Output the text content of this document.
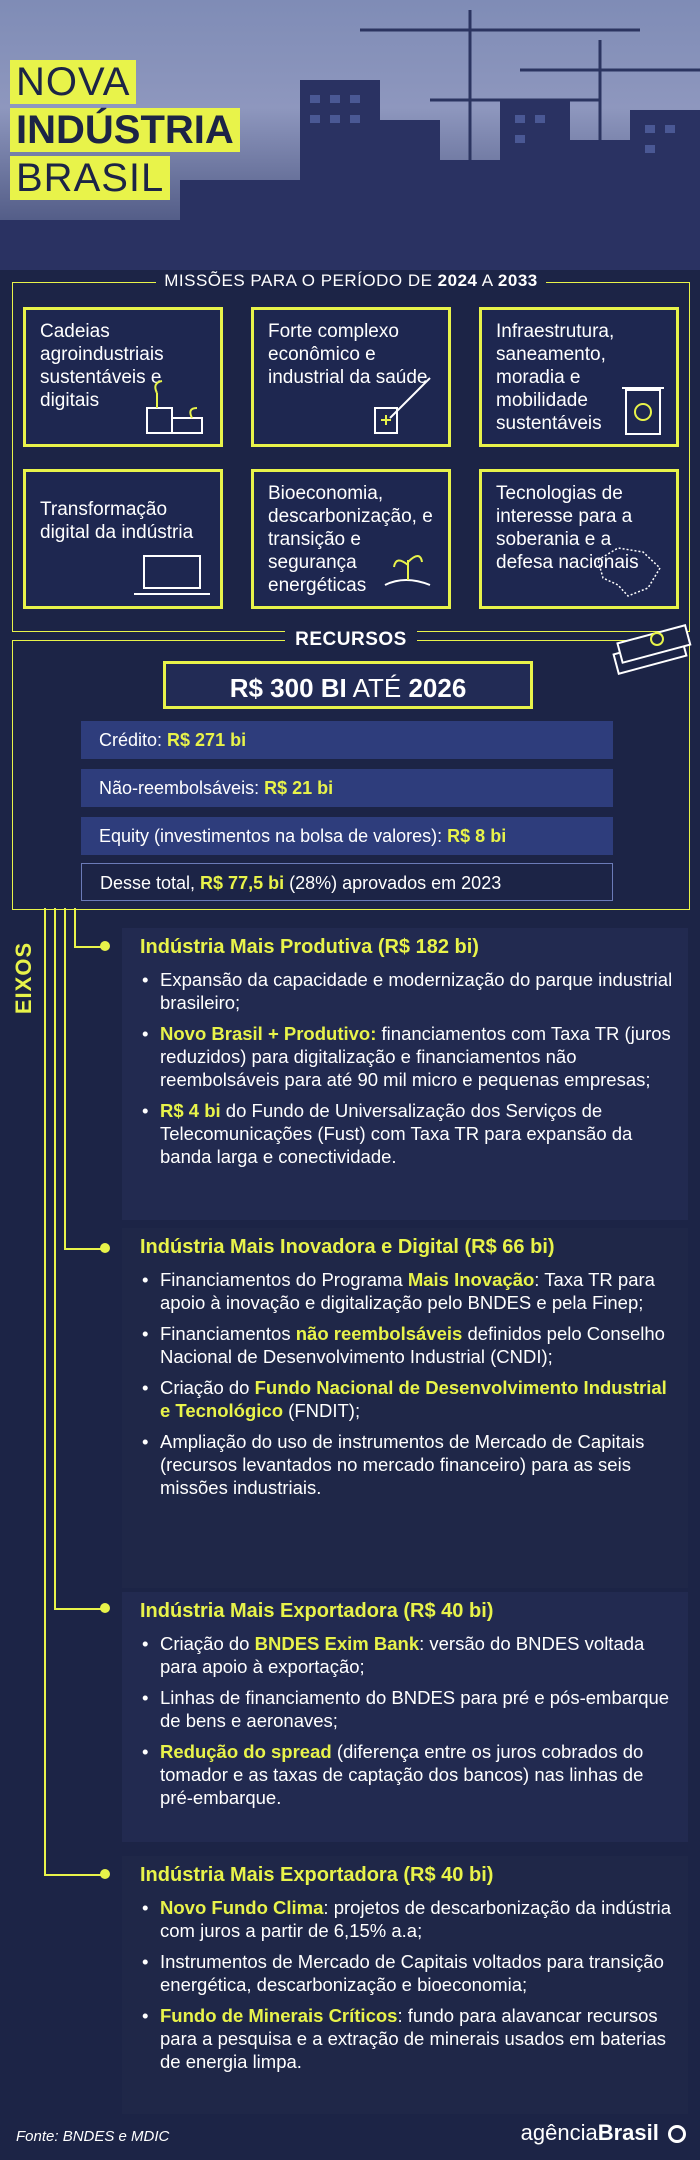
NOVA
INDÚSTRIA
BRASIL
MISSÕES PARA O PERÍODO DE 2024 A 2033
Cadeias agroindustriais sustentáveis e digitais
Forte complexo econômico e industrial da saúde
Infraestrutura, saneamento, moradia e mobilidade sustentáveis
Transformação digital da indústria
Bioeconomia, descarbonização, e transição e segurança energéticas
Tecnologias de interesse para a soberania e a defesa nacionais
RECURSOS
R$ 300 BI ATÉ 2026
Crédito: R$ 271 bi
Não-reembolsáveis: R$ 21 bi
Equity (investimentos na bolsa de valores): R$ 8 bi
Desse total, R$ 77,5 bi (28%) aprovados em 2023
EIXOS	Indústria Mais Produtiva (R$ 182 bi)
• Expansão da capacidade e modernização do parque industrial brasileiro;
• Novo Brasil + Produtivo: financiamentos com Taxa TR (juros reduzidos) para digitalização e financiamentos não reembolsáveis para até 90 mil micro e pequenas empresas;
• R$ 4 bi do Fundo de Universalização dos Serviços de Telecomunicações (Fust) com Taxa TR para expansão da banda larga e conectividade.
Indústria Mais Inovadora e Digital (R$ 66 bi)
• Financiamentos do Programa Mais Inovação: Taxa TR para apoio à inovação e digitalização pelo BNDES e pela Finep;
• Financiamentos não reembolsáveis definidos pelo Conselho Nacional de Desenvolvimento Industrial (CNDI);
• Criação do Fundo Nacional de Desenvolvimento Industrial e Tecnológico (FNDIT);
• Ampliação do uso de instrumentos de Mercado de Capitais (recursos levantados no mercado financeiro) para as seis missões industriais.
Indústria Mais Exportadora (R$ 40 bi)
• Criação do BNDES Exim Bank: versão do BNDES voltada para apoio à exportação;
• Linhas de financiamento do BNDES para pré e pós-embarque de bens e aeronaves;
• Redução do spread (diferença entre os juros cobrados do tomador e as taxas de captação dos bancos) nas linhas de pré-embarque.
Indústria Mais Exportadora (R$ 40 bi)
• Novo Fundo Clima: projetos de descarbonização da indústria com juros a partir de 6,15% a.a;
• Instrumentos de Mercado de Capitais voltados para transição energética, descarbonização e bioeconomia;
• Fundo de Minerais Críticos: fundo para alavancar recursos para a pesquisa e a extração de minerais usados em baterias de energia limpa.
Fonte: BNDES e MDIC	agênciaBrasil
